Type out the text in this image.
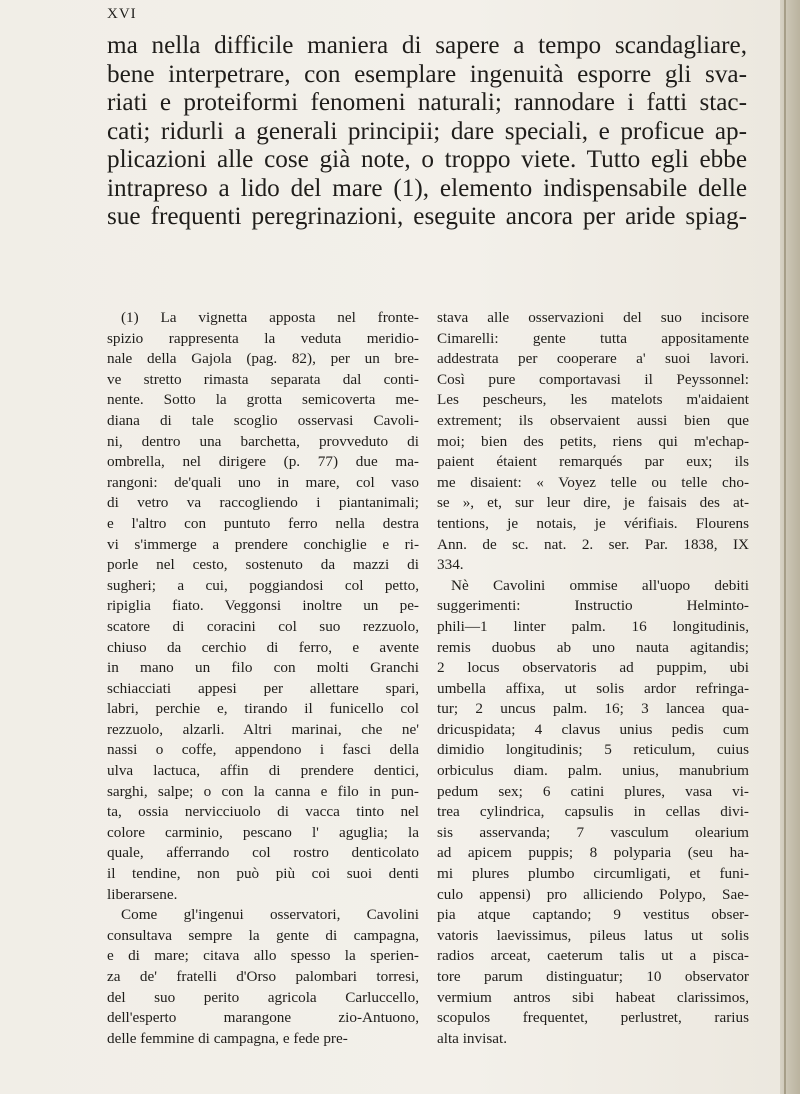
XVI
ma nella difficile maniera di sapere a tempo scandagliare,
bene interpetrare, con esemplare ingenuità esporre gli sva-
riati e proteiformi fenomeni naturali; rannodare i fatti stac-
cati; ridurli a generali principii; dare speciali, e proficue ap-
plicazioni alle cose già note, o troppo viete. Tutto egli ebbe
intrapreso a lido del mare (1), elemento indispensabile delle
sue frequenti peregrinazioni, eseguite ancora per aride spiag-
(1) La vignetta apposta nel fronte-
spizio rappresenta la veduta meridio-
nale della Gajola (pag. 82), per un bre-
ve stretto rimasta separata dal conti-
nente. Sotto la grotta semicoverta me-
diana di tale scoglio osservasi Cavoli-
ni, dentro una barchetta, provveduto di
ombrella, nel dirigere (p. 77) due ma-
rangoni: de'quali uno in mare, col vaso
di vetro va raccogliendo i piantanimali;
e l'altro con puntuto ferro nella destra
vi s'immerge a prendere conchiglie e ri-
porle nel cesto, sostenuto da mazzi di
sugheri; a cui, poggiandosi col petto,
ripiglia fiato. Veggonsi inoltre un pe-
scatore di coracini col suo rezzuolo,
chiuso da cerchio di ferro, e avente
in mano un filo con molti Granchi
schiacciati appesi per allettare spari,
labri, perchie e, tirando il funicello col
rezzuolo, alzarli. Altri marinai, che ne'
nassi o coffe, appendono i fasci della
ulva lactuca, affin di prendere dentici,
sarghi, salpe; o con la canna e filo in pun-
ta, ossia nervicciuolo di vacca tinto nel
colore carminio, pescano l' aguglia; la
quale, afferrando col rostro denticolato
il tendine, non può più coi suoi denti
liberarsene.
Come gl'ingenui osservatori, Cavolini
consultava sempre la gente di campagna,
e di mare; citava allo spesso la sperien-
za de' fratelli d'Orso palombari torresi,
del suo perito agricola Carluccello,
dell'esperto marangone zio-Antuono,
delle femmine di campagna, e fede pre-
stava alle osservazioni del suo incisore
Cimarelli: gente tutta appositamente
addestrata per cooperare a' suoi lavori.
Così pure comportavasi il Peyssonnel:
Les pescheurs, les matelots m'aidaient
extrement; ils observaient aussi bien que
moi; bien des petits, riens qui m'echap-
paient étaient remarqués par eux; ils
me disaient: « Voyez telle ou telle cho-
se », et, sur leur dire, je faisais des at-
tentions, je notais, je vérifiais. Flourens
Ann. de sc. nat. 2. ser. Par. 1838, IX
334.
Nè Cavolini ommise all'uopo debiti
suggerimenti: Instructio Helminto-
phili—1 linter palm. 16 longitudinis,
remis duobus ab uno nauta agitandis;
2 locus observatoris ad puppim, ubi
umbella affixa, ut solis ardor refringa-
tur; 2 uncus palm. 16; 3 lancea qua-
dricuspidata; 4 clavus unius pedis cum
dimidio longitudinis; 5 reticulum, cuius
orbiculus diam. palm. unius, manubrium
pedum sex; 6 catini plures, vasa vi-
trea cylindrica, capsulis in cellas divi-
sis asservanda; 7 vasculum olearium
ad apicem puppis; 8 polyparia (seu ha-
mi plures plumbo circumligati, et funi-
culo appensi) pro alliciendo Polypo, Sae-
pia atque captando; 9 vestitus obser-
vatoris laevissimus, pileus latus ut solis
radios arceat, caeterum talis ut a pisca-
tore parum distinguatur; 10 observator
vermium antros sibi habeat clarissimos,
scopulos frequentet, perlustret, rarius
alta invisat.
